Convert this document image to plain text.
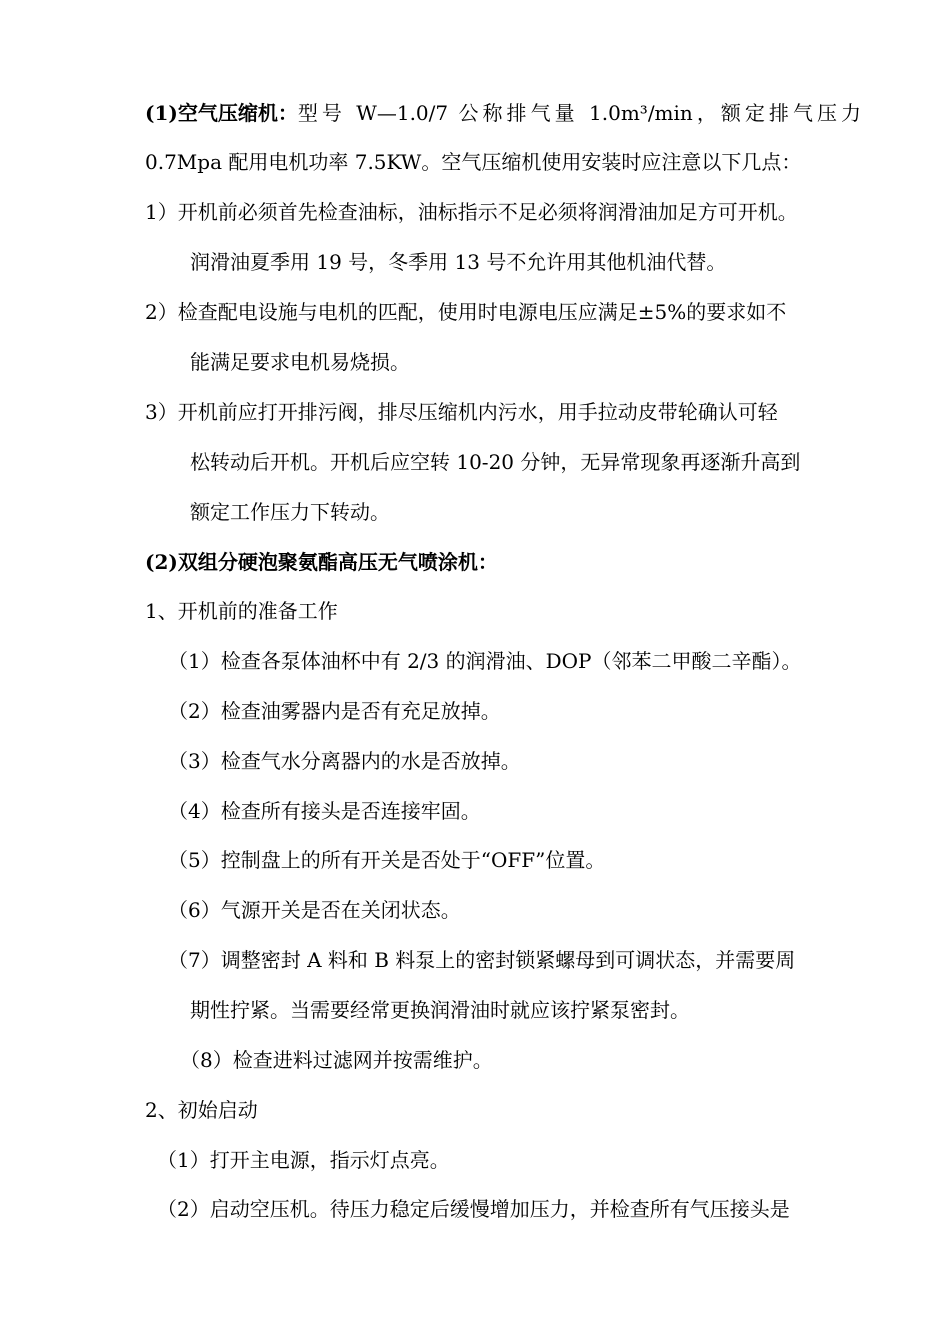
(1)空气压缩机： 型号 W—1.0/7 公称排气量 1.0m³/min，额定排气压力
0.7Mpa 配用电机功率 7.5KW。空气压缩机使用安装时应注意以下几点：
1）开机前必须首先检查油标，油标指示不足必须将润滑油加足方可开机。
润滑油夏季用 19 号，冬季用 13 号不允许用其他机油代替。
2）检查配电设施与电机的匹配，使用时电源电压应满足±5%的要求如不
能满足要求电机易烧损。
3）开机前应打开排污阀，排尽压缩机内污水，用手拉动皮带轮确认可轻
松转动后开机。开机后应空转 10-20 分钟，无异常现象再逐渐升高到
额定工作压力下转动。
(2)双组分硬泡聚氨酯高压无气喷涂机：
1、开机前的准备工作
（1）检查各泵体油杯中有 2/3 的润滑油、DOP（邻苯二甲酸二辛酯）。
（2）检查油雾器内是否有充足放掉。
（3）检查气水分离器内的水是否放掉。
（4）检查所有接头是否连接牢固。
（5）控制盘上的所有开关是否处于“OFF”位置。
（6）气源开关是否在关闭状态。
（7）调整密封 A 料和 B 料泵上的密封锁紧螺母到可调状态，并需要周
期性拧紧。当需要经常更换润滑油时就应该拧紧泵密封。
（8）检查进料过滤网并按需维护。
2、初始启动
（1）打开主电源，指示灯点亮。
（2）启动空压机。待压力稳定后缓慢增加压力，并检查所有气压接头是
